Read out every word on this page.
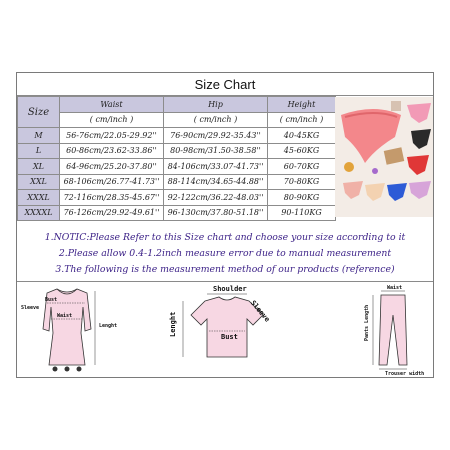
Size Chart
Size	Waist	Hip	Height
	( cm/inch )	( cm/inch )	( cm/inch )
M	56-76cm/22.05-29.92''	76-90cm/29.92-35.43''	40-45KG
L	60-86cm/23.62-33.86''	80-98cm/31.50-38.58''	45-60KG
XL	64-96cm/25.20-37.80''	84-106cm/33.07-41.73''	60-70KG
XXL	68-106cm/26.77-41.73''	88-114cm/34.65-44.88''	70-80KG
XXXL	72-116cm/28.35-45.67''	92-122cm/36.22-48.03''	80-90KG
XXXXL	76-126cm/29.92-49.61''	96-130cm/37.80-51.18''	90-110KG
1.NOTIC:Please Refer to this Size chart and choose your size according to it
2.Please allow 0.4-1.2inch measure error due to manual measurement
3.The following is the measurement method of our products (reference)
Sleeve
Bust
Waist
Lenght
Shoulder
Sleeve
Lenght	Bust
Waist
Pants Length
Trouser width
